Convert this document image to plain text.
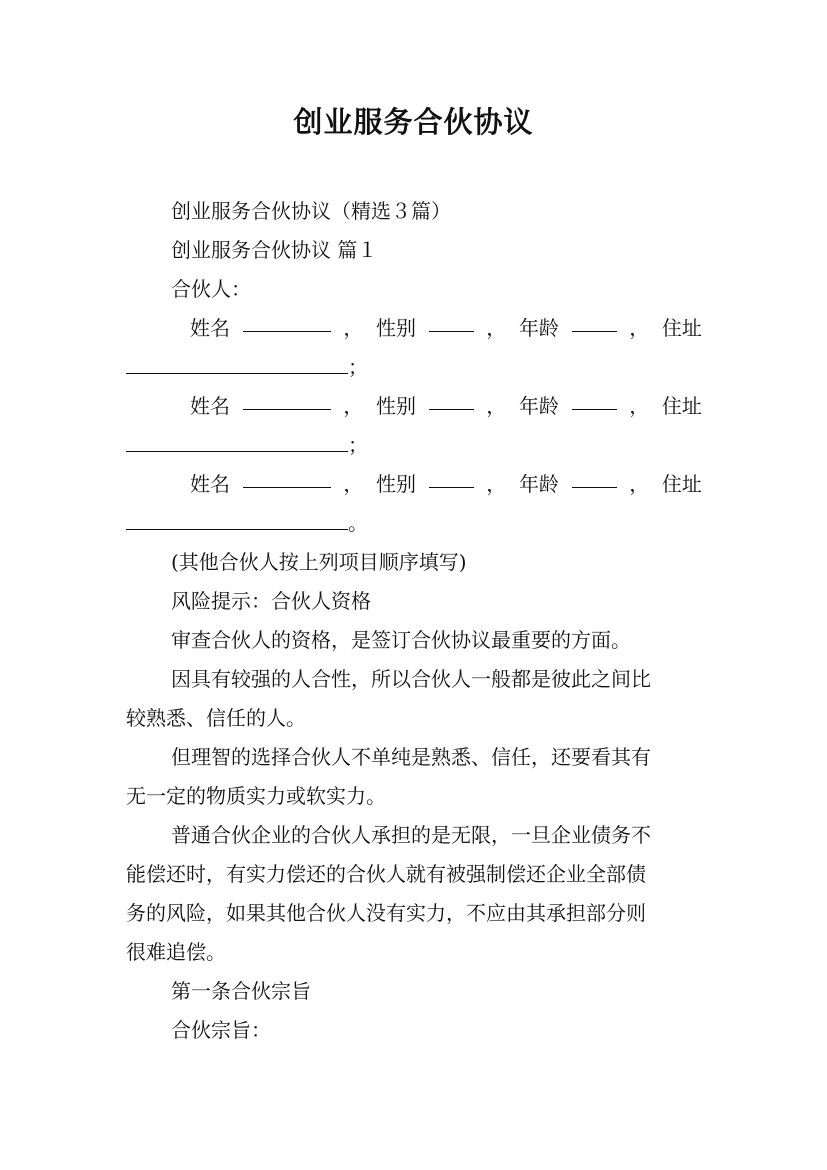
创业服务合伙协议

创业服务合伙协议（精选３篇）

创业服务合伙协议 篇１

合伙人：

姓名	， 性别	， 年龄	， 住址

；

姓名	， 性别	， 年龄	， 住址

；

姓名	， 性别	， 年龄	， 住址

。

(其他合伙人按上列项目顺序填写)

风险提示：合伙人资格

审查合伙人的资格，是签订合伙协议最重要的方面。

因具有较强的人合性，所以合伙人一般都是彼此之间比

较熟悉、信任的人。

但理智的选择合伙人不单纯是熟悉、信任，还要看其有

无一定的物质实力或软实力。

普通合伙企业的合伙人承担的是无限，一旦企业债务不

能偿还时，有实力偿还的合伙人就有被强制偿还企业全部债

务的风险，如果其他合伙人没有实力，不应由其承担部分则

很难追偿。

第一条合伙宗旨

合伙宗旨：
